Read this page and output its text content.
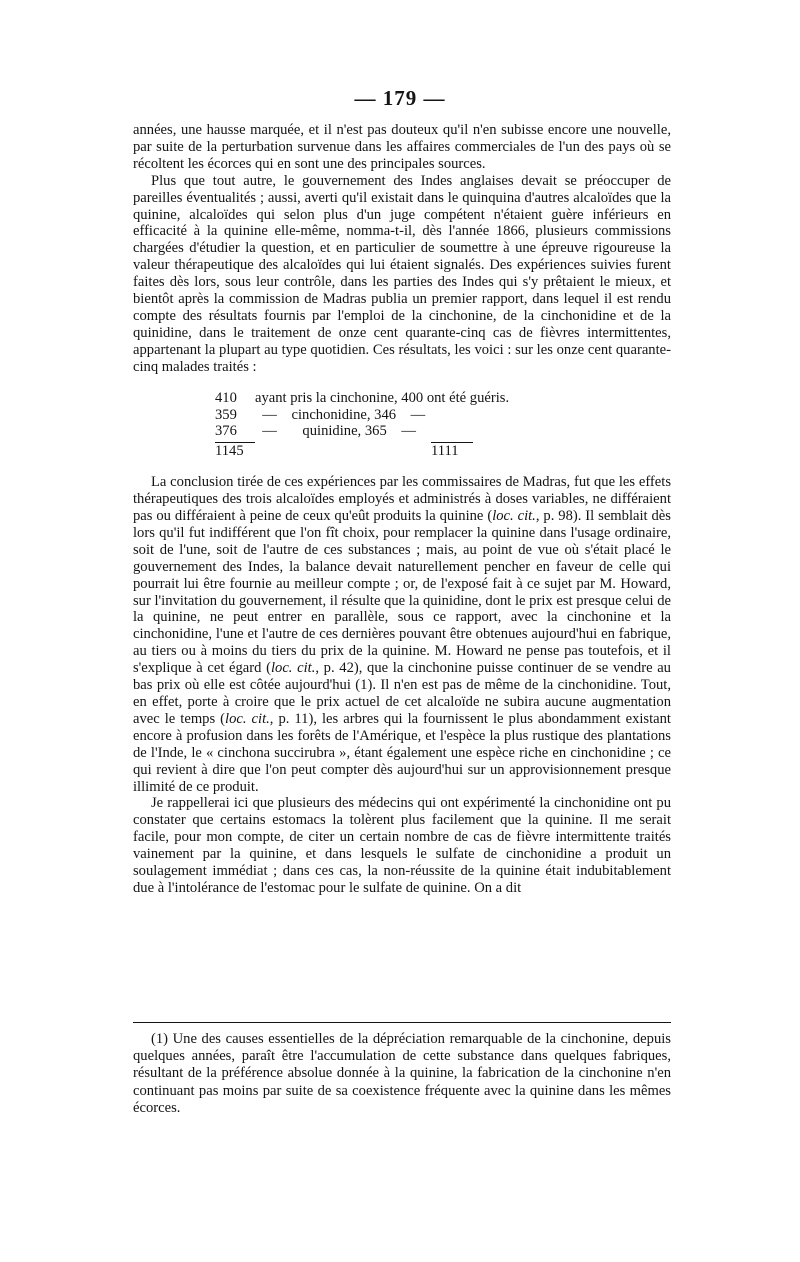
— 179 —

années, une hausse marquée, et il n'est pas douteux qu'il n'en subisse encore une nouvelle, par suite de la perturbation survenue dans les affaires commerciales de l'un des pays où se récoltent les écorces qui en sont une des principales sources.

Plus que tout autre, le gouvernement des Indes anglaises devait se préoccuper de pareilles éventualités ; aussi, averti qu'il existait dans le quinquina d'autres alcaloïdes que la quinine, alcaloïdes qui selon plus d'un juge compétent n'étaient guère inférieurs en efficacité à la quinine elle-même, nomma-t-il, dès l'année 1866, plusieurs commissions chargées d'étudier la question, et en particulier de soumettre à une épreuve rigoureuse la valeur thérapeutique des alcaloïdes qui lui étaient signalés. Des expériences suivies furent faites dès lors, sous leur contrôle, dans les parties des Indes qui s'y prêtaient le mieux, et bientôt après la commission de Madras publia un premier rapport, dans lequel il est rendu compte des résultats fournis par l'emploi de la cinchonine, de la cinchonidine et de la quinidine, dans le traitement de onze cent quarante-cinq cas de fièvres intermittentes, appartenant la plupart au type quotidien. Ces résultats, les voici : sur les onze cent quarante-cinq malades traités :

410	ayant pris la cinchonine, 400 ont été guéris.
359	—    cinchonidine, 346    —
376	—       quinidine, 365    —
1145	1111

La conclusion tirée de ces expériences par les commissaires de Madras, fut que les effets thérapeutiques des trois alcaloïdes employés et administrés à doses variables, ne différaient pas ou différaient à peine de ceux qu'eût produits la quinine (loc. cit., p. 98). Il semblait dès lors qu'il fut indifférent que l'on fît choix, pour remplacer la quinine dans l'usage ordinaire, soit de l'une, soit de l'autre de ces substances ; mais, au point de vue où s'était placé le gouvernement des Indes, la balance devait naturellement pencher en faveur de celle qui pourrait lui être fournie au meilleur compte ; or, de l'exposé fait à ce sujet par M. Howard, sur l'invitation du gouvernement, il résulte que la quinidine, dont le prix est presque celui de la quinine, ne peut entrer en parallèle, sous ce rapport, avec la cinchonine et la cinchonidine, l'une et l'autre de ces dernières pouvant être obtenues aujourd'hui en fabrique, au tiers ou à moins du tiers du prix de la quinine. M. Howard ne pense pas toutefois, et il s'explique à cet égard (loc. cit., p. 42), que la cinchonine puisse continuer de se vendre au bas prix où elle est côtée aujourd'hui (1). Il n'en est pas de même de la cinchonidine. Tout, en effet, porte à croire que le prix actuel de cet alcaloïde ne subira aucune augmentation avec le temps (loc. cit., p. 11), les arbres qui la fournissent le plus abondamment existant encore à profusion dans les forêts de l'Amérique, et l'espèce la plus rustique des plantations de l'Inde, le « cinchona succirubra », étant également une espèce riche en cinchonidine ; ce qui revient à dire que l'on peut compter dès aujourd'hui sur un approvisionnement presque illimité de ce produit.

Je rappellerai ici que plusieurs des médecins qui ont expérimenté la cinchonidine ont pu constater que certains estomacs la tolèrent plus facilement que la quinine. Il me serait facile, pour mon compte, de citer un certain nombre de cas de fièvre intermittente traités vainement par la quinine, et dans lesquels le sulfate de cinchonidine a produit un soulagement immédiat ; dans ces cas, la non-réussite de la quinine était indubitablement due à l'intolérance de l'estomac pour le sulfate de quinine. On a dit

(1) Une des causes essentielles de la dépréciation remarquable de la cinchonine, depuis quelques années, paraît être l'accumulation de cette substance dans quelques fabriques, résultant de la préférence absolue donnée à la quinine, la fabrication de la cinchonine n'en continuant pas moins par suite de sa coexistence fréquente avec la quinine dans les mêmes écorces.
